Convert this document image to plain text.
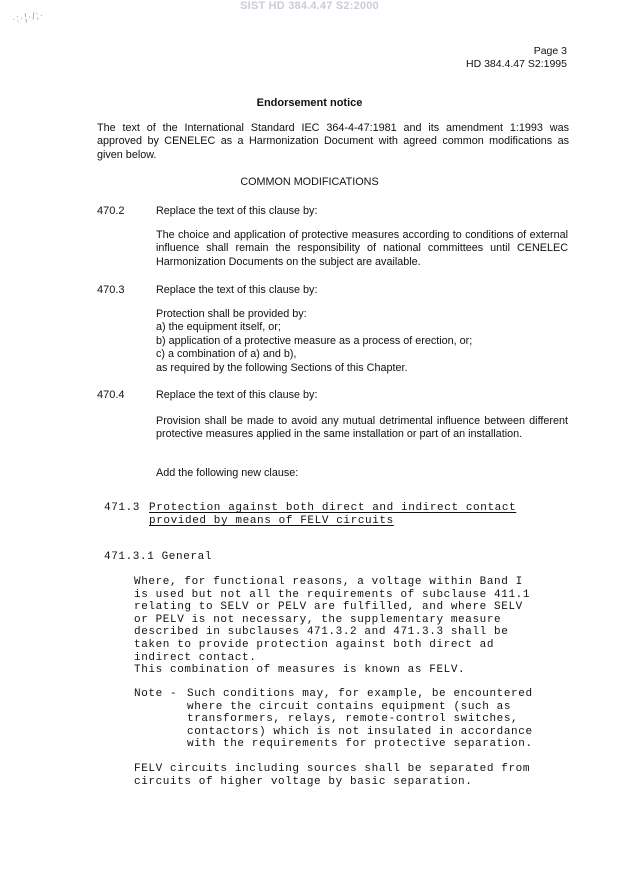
SIST HD 384.4.47 S2:2000
·:·¦·/;·
Page 3
HD 384.4.47 S2:1995
Endorsement notice
The text of the International Standard IEC 364-4-47:1981 and its amendment 1:1993 was approved by CENELEC as a Harmonization Document with agreed common modifications as given below.
COMMON MODIFICATIONS
470.2	Replace the text of this clause by:
The choice and application of protective measures according to conditions of external influence shall remain the responsibility of national committees until CENELEC Harmonization Documents on the subject are available.
470.3	Replace the text of this clause by:
Protection shall be provided by:
a) the equipment itself, or;
b) application of a protective measure as a process of erection, or;
c) a combination of a) and b),
as required by the following Sections of this Chapter.
470.4	Replace the text of this clause by:
Provision shall be made to avoid any mutual detrimental influence between different protective measures applied in the same installation or part of an installation.
Add the following new clause:
471.3 Protection against both direct and indirect contact
provided by means of FELV circuits
471.3.1 General
Where, for functional reasons, a voltage within Band I
is used but not all the requirements of subclause 411.1
relating to SELV or PELV are fulfilled, and where SELV
or PELV is not necessary, the supplementary measure
described in subclauses 471.3.2 and 471.3.3 shall be
taken to provide protection against both direct ad
indirect contact.
This combination of measures is known as FELV.
Note - Such conditions may, for example, be encountered
where the circuit contains equipment (such as
transformers, relays, remote-control switches,
contactors) which is not insulated in accordance
with the requirements for protective separation.
FELV circuits including sources shall be separated from
circuits of higher voltage by basic separation.
